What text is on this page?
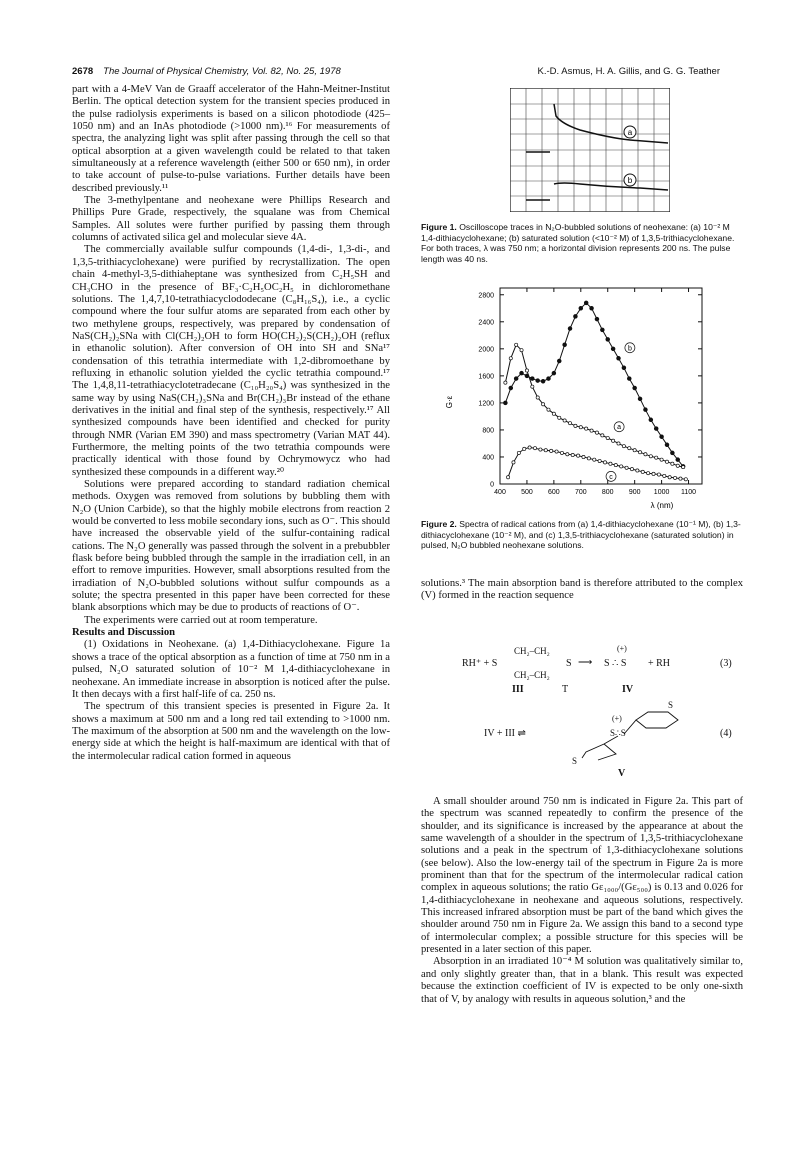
2678 The Journal of Physical Chemistry, Vol. 82, No. 25, 1978	K.-D. Asmus, H. A. Gillis, and G. G. Teather

part with a 4-MeV Van de Graaff accelerator of the Hahn-Meitner-Institut Berlin. The optical detection system for the transient species produced in the pulse radiolysis experiments is based on a silicon photodiode (425–1050 nm) and an InAs photodiode (>1000 nm).¹⁶ For measurements of spectra, the analyzing light was split after passing through the cell so that optical absorption at a given wavelength could be related to that taken simultaneously at a reference wavelength (either 500 or 650 nm), in order to take account of pulse-to-pulse variations. Further details have been described previously.¹¹

The 3-methylpentane and neohexane were Phillips Research and Phillips Pure Grade, respectively, the squalane was from Chemical Samples. All solutes were further purified by passing them through columns of activated silica gel and molecular sieve 4A.

The commercially available sulfur compounds (1,4-di-, 1,3-di-, and 1,3,5-trithiacyclohexane) were purified by recrystallization. The open chain 4-methyl-3,5-dithiaheptane was synthesized from C₂H₅SH and CH₃CHO in the presence of BF₃·C₂H₅OC₂H₅ in dichloromethane solutions. The 1,4,7,10-tetrathiacyclododecane (C₈H₁₆S₄), i.e., a cyclic compound where the four sulfur atoms are separated from each other by two methylene groups, respectively, was prepared by condensation of NaS(CH₂)₂SNa with Cl(CH₂)₂OH to form HO(CH₂)₂S(CH₂)₂OH (reflux in ethanolic solution). After conversion of OH into SH and SNa¹⁷ condensation of this tetrathia intermediate with 1,2-dibromoethane by refluxing in ethanolic solution yielded the cyclic tetrathia compound.¹⁷ The 1,4,8,11-tetrathiacyclotetradecane (C₁₀H₂₀S₄) was synthesized in the same way by using NaS(CH₂)₃SNa and Br(CH₂)₃Br instead of the ethane derivatives in the initial and final step of the synthesis, respectively.¹⁷ All synthesized compounds have been identified and checked for purity through NMR (Varian EM 390) and mass spectrometry (Varian MAT 44). Furthermore, the melting points of the two tetrathia compounds were practically identical with those found by Ochrymowycz who had synthesized these compounds in a different way.²⁰

Solutions were prepared according to standard radiation chemical methods. Oxygen was removed from solutions by bubbling them with N₂O (Union Carbide), so that the highly mobile electrons from reaction 2 would be converted to less mobile secondary ions, such as O⁻. This should have increased the observable yield of the sulfur-containing radical cations. The N₂O generally was passed through the solvent in a prebubbler flask before being bubbled through the sample in the irradiation cell, in an effort to remove impurities. However, small absorptions resulted from the irradiation of N₂O-bubbled solutions without sulfur compounds as a solute; the spectra presented in this paper have been corrected for these blank absorptions which may be due to products of reactions of O⁻.

The experiments were carried out at room temperature.

Results and Discussion

(1) Oxidations in Neohexane. (a) 1,4-Dithiacyclohexane. Figure 1a shows a trace of the optical absorption as a function of time at 750 nm in a pulsed, N₂O saturated solution of 10⁻² M 1,4-dithiacyclohexane in neohexane. An immediate increase in absorption is noticed after the pulse. It then decays with a first half-life of ca. 250 ns.

The spectrum of this transient species is presented in Figure 2a. It shows a maximum at 500 nm and a long red tail extending to >1000 nm. The maximum of the absorption at 500 nm and the wavelength on the low-energy side at which the height is half-maximum are identical with that of the intermolecular radical cation formed in aqueous

a
b
Figure 1. Oscilloscope traces in N₂O-bubbled solutions of neohexane: (a) 10⁻² M 1,4-dithiacyclohexane; (b) saturated solution (<10⁻² M) of 1,3,5-trithiacyclohexane. For both traces, λ was 750 nm; a horizontal division represents 200 ns. The pulse length was 40 ns.
400 500 600 700 800 900 1000 1100
0
400
800
1200
1600
2000
2400
2800
b
a
c
λ (nm)
G·ε
Figure 2. Spectra of radical cations from (a) 1,4-dithiacyclohexane (10⁻¹ M), (b) 1,3-dithiacyclohexane (10⁻² M), and (c) 1,3,5-trithiacyclohexane (saturated solution) in pulsed, N₂O bubbled neohexane solutions.

solutions.³ The main absorption band is therefore attributed to the complex (V) formed in the reaction sequence

RH⁺ + S
CH₂–CH₂
CH₂–CH₂
S ⟶
(+)
S ∴ S + RH	(3)
III	T	IV
IV + III ⇌
(+)
S
S∴S
S
(4)
V

A small shoulder around 750 nm is indicated in Figure 2a. This part of the spectrum was scanned repeatedly to confirm the presence of the shoulder, and its significance is increased by the appearance at about the same wavelength of a shoulder in the spectrum of 1,3,5-trithiacyclohexane solutions and a peak in the spectrum of 1,3-dithiacyclohexane solutions (see below). Also the low-energy tail of the spectrum in Figure 2a is more prominent than that for the spectrum of the intermolecular radical cation complex in aqueous solutions; the ratio Gε₁₀₀₀/(Gε₅₀₀) is 0.13 and 0.026 for 1,4-dithiacyclohexane in neohexane and aqueous solutions, respectively. This increased infrared absorption must be part of the band which gives the shoulder around 750 nm in Figure 2a. We assign this band to a second type of intermolecular complex; a possible structure for this species will be presented in a later section of this paper.

Absorption in an irradiated 10⁻⁴ M solution was qualitatively similar to, and only slightly greater than, that in a blank. This result was expected because the extinction coefficient of IV is expected to be only one-sixth that of V, by analogy with results in aqueous solution,³ and the
